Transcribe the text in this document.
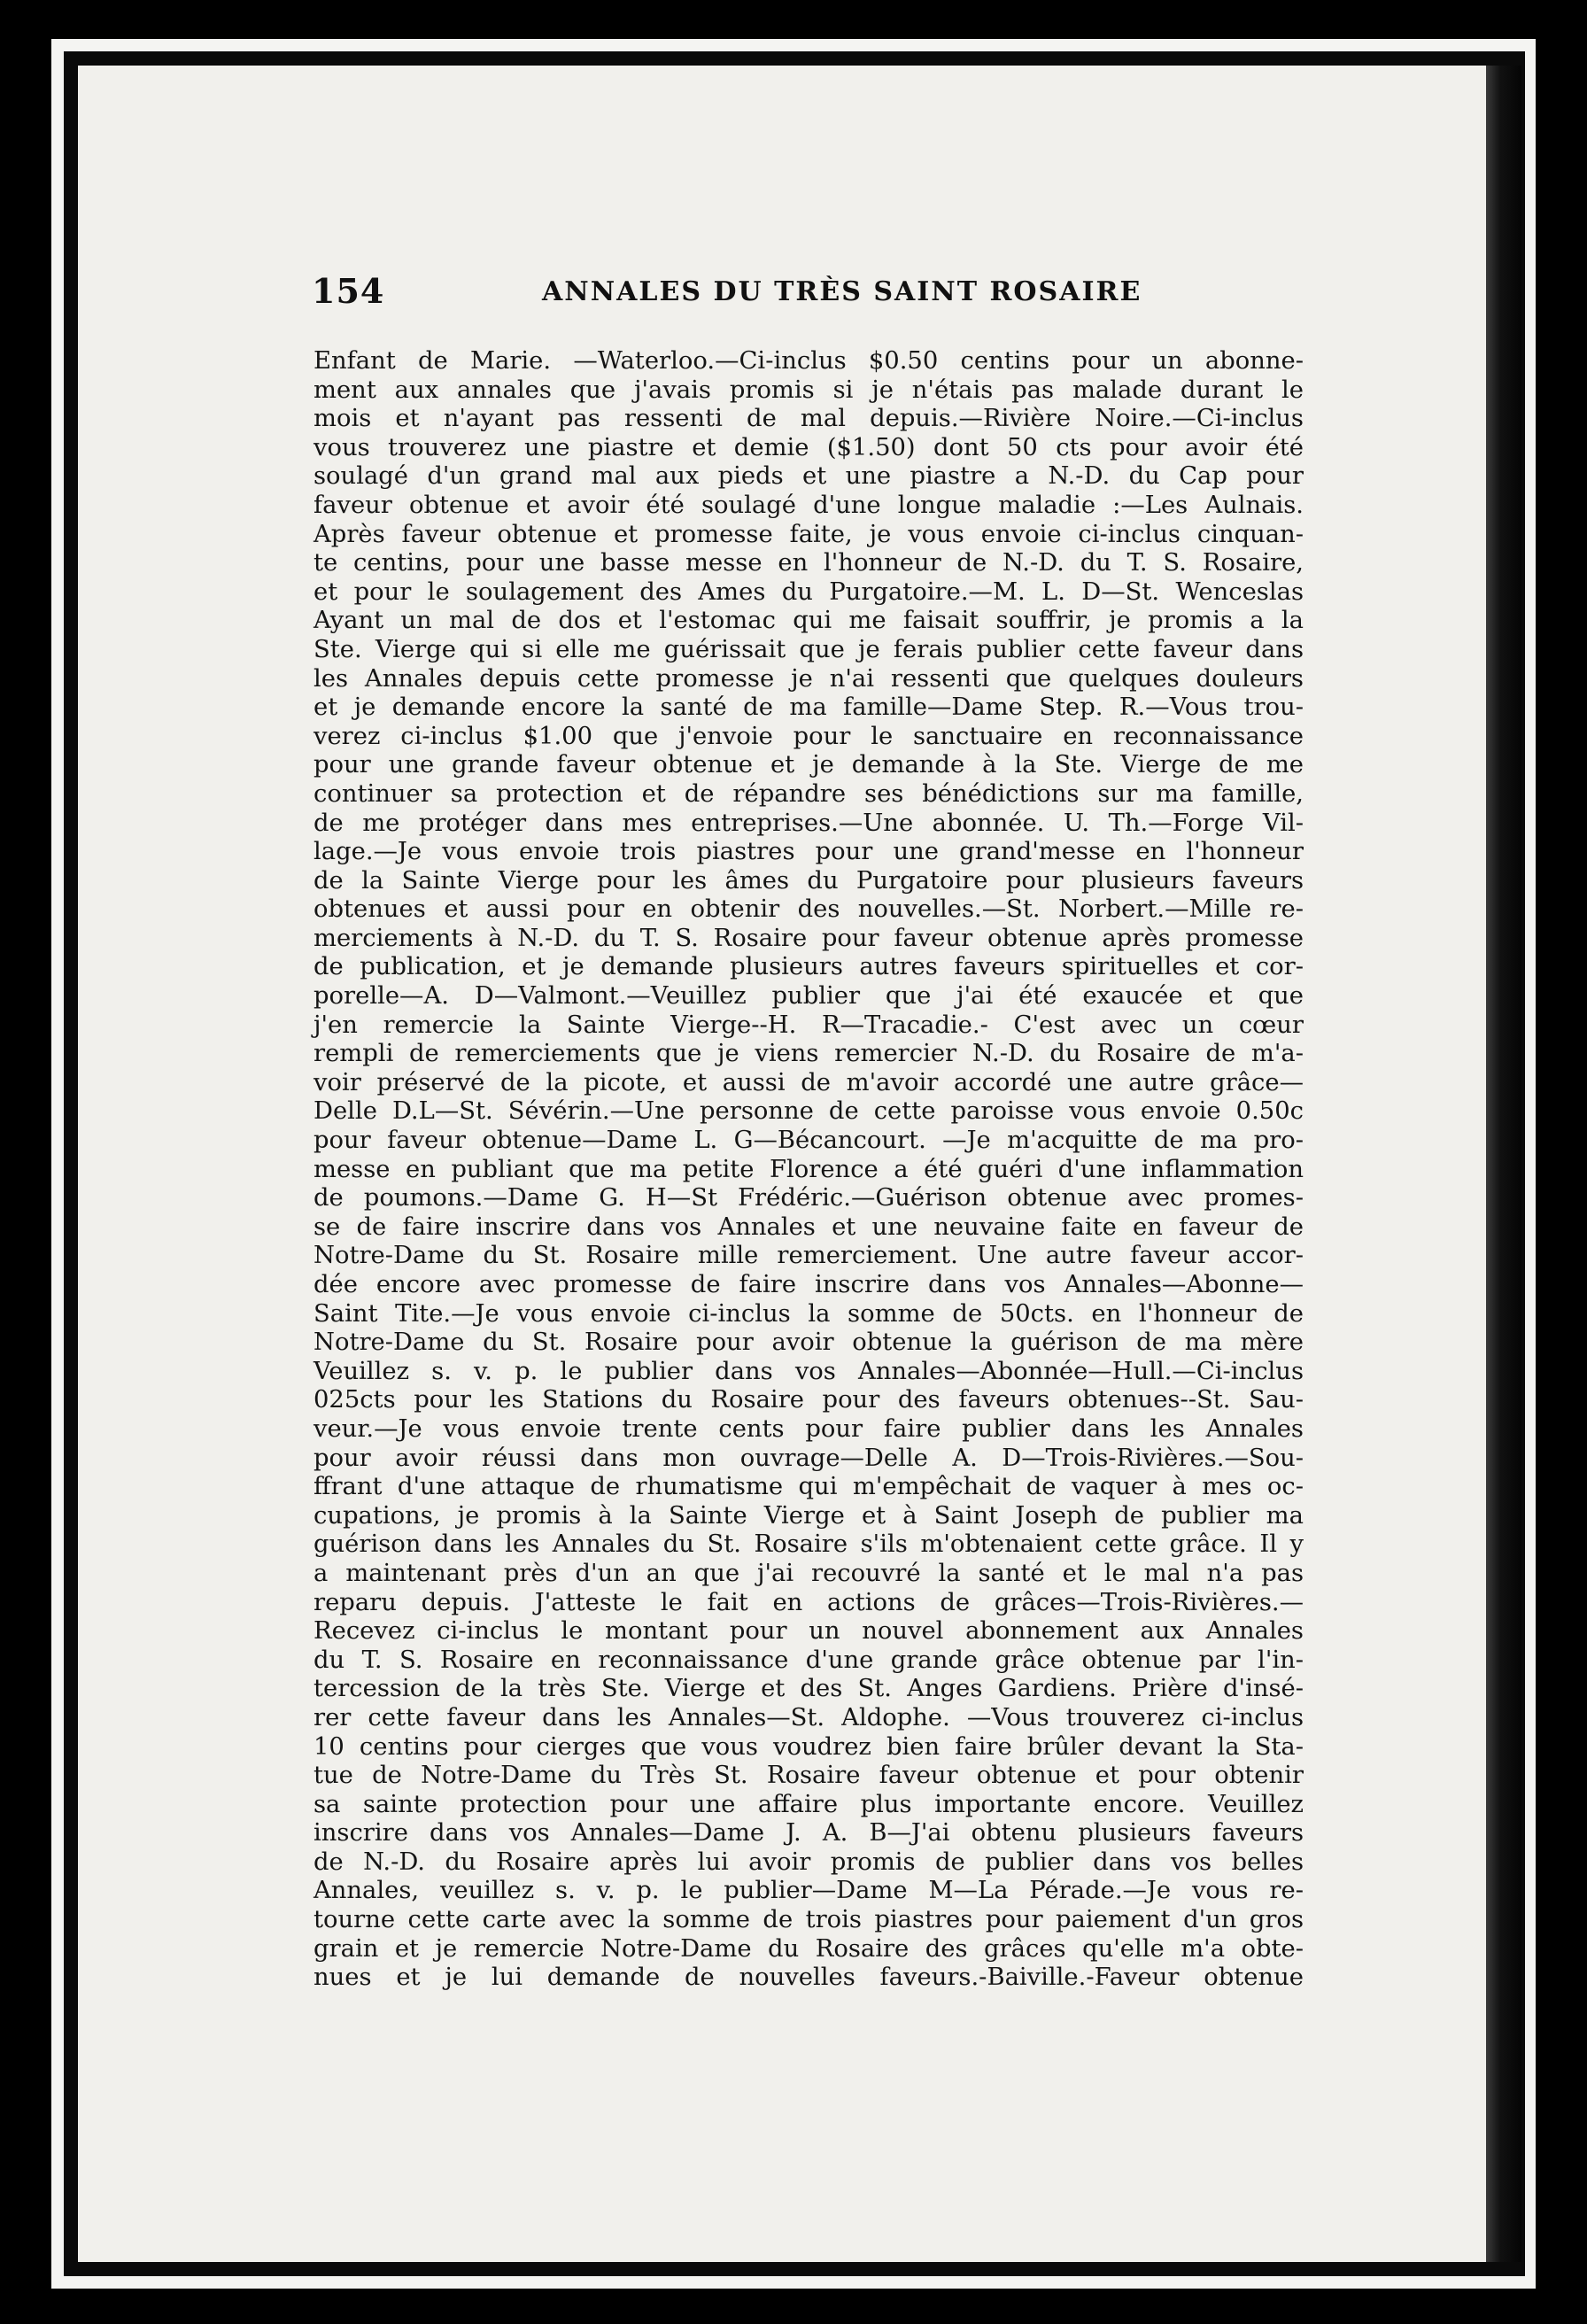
154	ANNALES DU TRÈS SAINT ROSAIRE
Enfant de Marie. —Waterloo.—Ci-inclus $0.50 centins pour un abonne-
ment aux annales que j'avais promis si je n'étais pas malade durant le
mois et n'ayant pas ressenti de mal depuis.—Rivière Noire.—Ci-inclus
vous trouverez une piastre et demie ($1.50) dont 50 cts pour avoir été
soulagé d'un grand mal aux pieds et une piastre a N.-D. du Cap pour
faveur obtenue et avoir été soulagé d'une longue maladie :—Les Aulnais.
Après faveur obtenue et promesse faite, je vous envoie ci-inclus cinquan-
te centins, pour une basse messe en l'honneur de N.-D. du T. S. Rosaire,
et pour le soulagement des Ames du Purgatoire.—M. L. D—St. Wenceslas
Ayant un mal de dos et l'estomac qui me faisait souffrir, je promis a la
Ste. Vierge qui si elle me guérissait que je ferais publier cette faveur dans
les Annales depuis cette promesse je n'ai ressenti que quelques douleurs
et je demande encore la santé de ma famille—Dame Step. R.—Vous trou-
verez ci-inclus $1.00 que j'envoie pour le sanctuaire en reconnaissance
pour une grande faveur obtenue et je demande à la Ste. Vierge de me
continuer sa protection et de répandre ses bénédictions sur ma famille,
de me protéger dans mes entreprises.—Une abonnée. U. Th.—Forge Vil-
lage.—Je vous envoie trois piastres pour une grand'messe en l'honneur
de la Sainte Vierge pour les âmes du Purgatoire pour plusieurs faveurs
obtenues et aussi pour en obtenir des nouvelles.—St. Norbert.—Mille re-
merciements à N.-D. du T. S. Rosaire pour faveur obtenue après promesse
de publication, et je demande plusieurs autres faveurs spirituelles et cor-
porelle—A. D—Valmont.—Veuillez publier que j'ai été exaucée et que
j'en remercie la Sainte Vierge--H. R—Tracadie.- C'est avec un cœur
rempli de remerciements que je viens remercier N.-D. du Rosaire de m'a-
voir préservé de la picote, et aussi de m'avoir accordé une autre grâce—
Delle D.L—St. Sévérin.—Une personne de cette paroisse vous envoie 0.50c
pour faveur obtenue—Dame L. G—Bécancourt. —Je m'acquitte de ma pro-
messe en publiant que ma petite Florence a été guéri d'une inflammation
de poumons.—Dame G. H—St Frédéric.—Guérison obtenue avec promes-
se de faire inscrire dans vos Annales et une neuvaine faite en faveur de
Notre-Dame du St. Rosaire mille remerciement. Une autre faveur accor-
dée encore avec promesse de faire inscrire dans vos Annales—Abonne—
Saint Tite.—Je vous envoie ci-inclus la somme de 50cts. en l'honneur de
Notre-Dame du St. Rosaire pour avoir obtenue la guérison de ma mère
Veuillez s. v. p. le publier dans vos Annales—Abonnée—Hull.—Ci-inclus
025cts pour les Stations du Rosaire pour des faveurs obtenues--St. Sau-
veur.—Je vous envoie trente cents pour faire publier dans les Annales
pour avoir réussi dans mon ouvrage—Delle A. D—Trois-Rivières.—Sou-
ffrant d'une attaque de rhumatisme qui m'empêchait de vaquer à mes oc-
cupations, je promis à la Sainte Vierge et à Saint Joseph de publier ma
guérison dans les Annales du St. Rosaire s'ils m'obtenaient cette grâce. Il y
a maintenant près d'un an que j'ai recouvré la santé et le mal n'a pas
reparu depuis. J'atteste le fait en actions de grâces—Trois-Rivières.—
Recevez ci-inclus le montant pour un nouvel abonnement aux Annales
du T. S. Rosaire en reconnaissance d'une grande grâce obtenue par l'in-
tercession de la très Ste. Vierge et des St. Anges Gardiens. Prière d'insé-
rer cette faveur dans les Annales—St. Aldophe. —Vous trouverez ci-inclus
10 centins pour cierges que vous voudrez bien faire brûler devant la Sta-
tue de Notre-Dame du Très St. Rosaire faveur obtenue et pour obtenir
sa sainte protection pour une affaire plus importante encore. Veuillez
inscrire dans vos Annales—Dame J. A. B—J'ai obtenu plusieurs faveurs
de N.-D. du Rosaire après lui avoir promis de publier dans vos belles
Annales, veuillez s. v. p. le publier—Dame M—La Pérade.—Je vous re-
tourne cette carte avec la somme de trois piastres pour paiement d'un gros
grain et je remercie Notre-Dame du Rosaire des grâces qu'elle m'a obte-
nues et je lui demande de nouvelles faveurs.-Baiville.-Faveur obtenue
